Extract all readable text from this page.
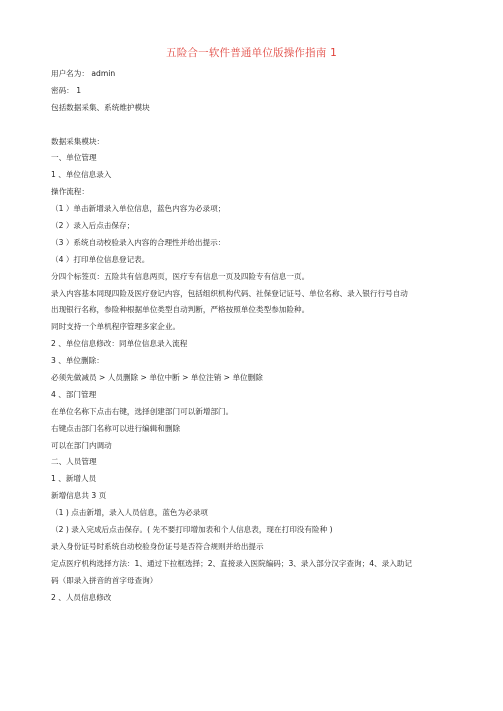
五险合一软件普通单位版操作指南 1
用户名为： admin
密码： 1
包括数据采集、系统维护模块
数据采集模块：
一、单位管理
1 、单位信息录入
操作流程：
（1 ）单击新增录入单位信息，蓝色内容为必录项；
（2 ）录入后点击保存；
（3 ）系统自动校验录入内容的合理性并给出提示：
（4 ）打印单位信息登记表。
分四个标签页：五险共有信息两页，医疗专有信息一页及四险专有信息一页。
录入内容基本同现四险及医疗登记内容，包括组织机构代码、社保登记证号、单位名称、录入银行行号自动
出现银行名称，参险种根据单位类型自动判断，严格按照单位类型参加险种。
同时支持一个单机程序管理多家企业。
2 、单位信息修改：同单位信息录入流程
3 、单位删除：
必须先做减员 > 人员删除 > 单位中断 > 单位注销 > 单位删除
4 、部门管理
在单位名称下点击右键，选择创建部门可以新增部门。
右键点击部门名称可以进行编辑和删除
可以在部门内调动
二、人员管理
1 、新增人员
新增信息共 3 页
（1 ) 点击新增，录入人员信息，蓝色为必录项
（2 ) 录入完成后点击保存。( 先不要打印增加表和个人信息表，现在打印没有险种 )
录入身份证号时系统自动校验身份证号是否符合规则并给出提示
定点医疗机构选择方法：1、通过下拉框选择；2、直接录入医院编码；3、录入部分汉字查询；4、录入助记
码（即录入拼音的首字母查询）
2 、人员信息修改
